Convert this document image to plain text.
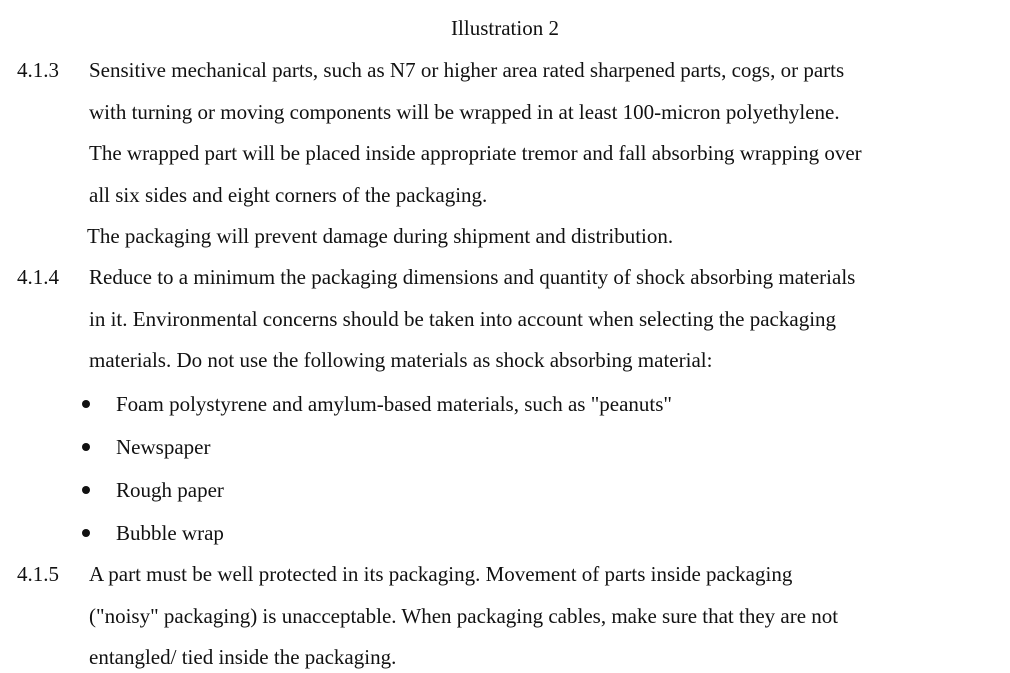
Illustration 2
4.1.3 Sensitive mechanical parts, such as N7 or higher area rated sharpened parts, cogs, or parts
with turning or moving components will be wrapped in at least 100-micron polyethylene.
The wrapped part will be placed inside appropriate tremor and fall absorbing wrapping over
all six sides and eight corners of the packaging.
The packaging will prevent damage during shipment and distribution.
4.1.4 Reduce to a minimum the packaging dimensions and quantity of shock absorbing materials
in it. Environmental concerns should be taken into account when selecting the packaging
materials. Do not use the following materials as shock absorbing material:
Foam polystyrene and amylum-based materials, such as "peanuts"
Newspaper
Rough paper
Bubble wrap
4.1.5 A part must be well protected in its packaging. Movement of parts inside packaging
("noisy" packaging) is unacceptable. When packaging cables, make sure that they are not
entangled/ tied inside the packaging.
